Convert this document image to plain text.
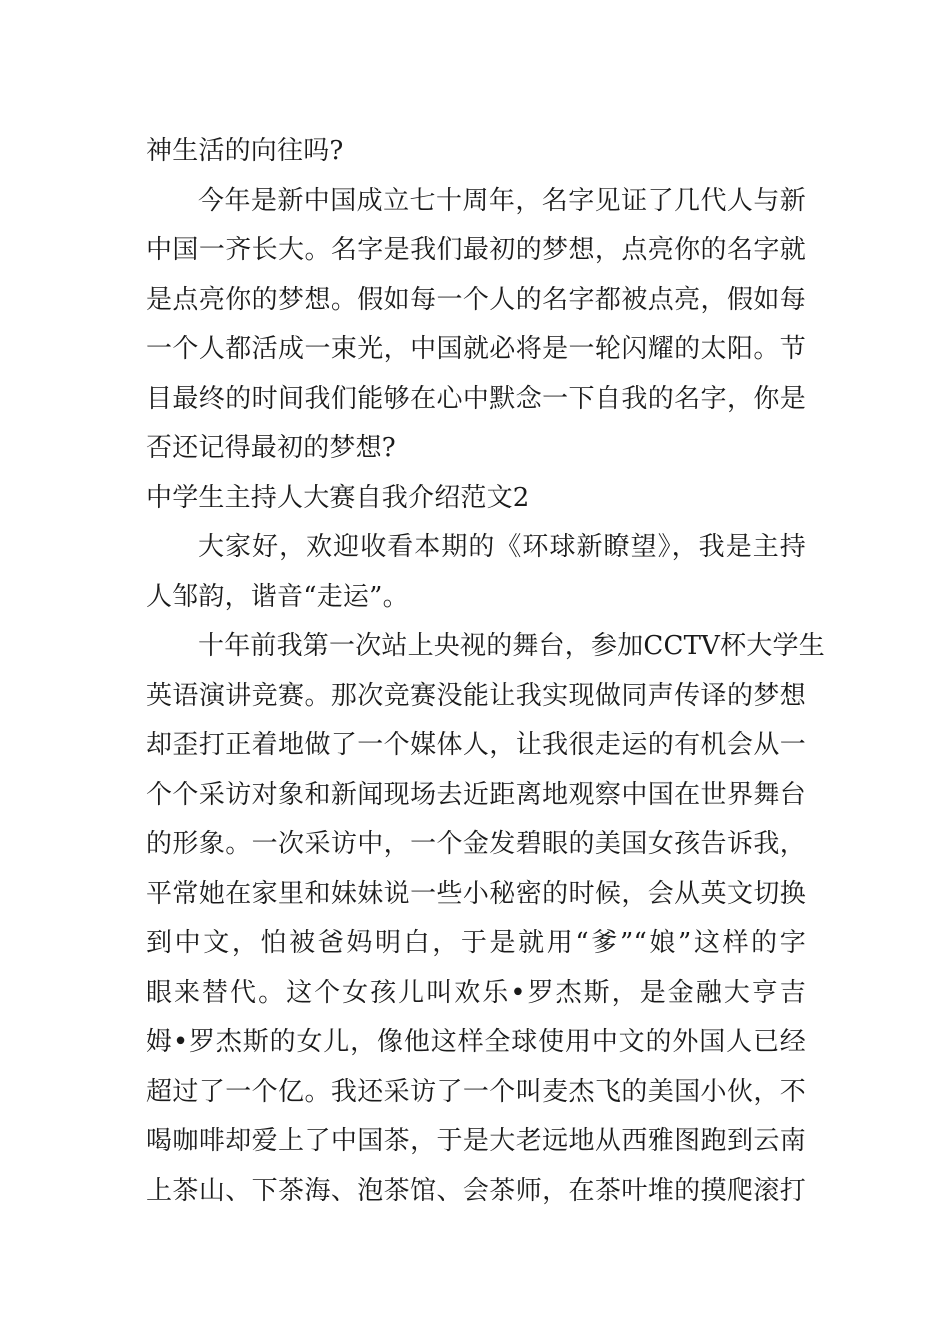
神生活的向往吗?
今年是新中国成立七十周年，名字见证了几代人与新
中国一齐长大。名字是我们最初的梦想，点亮你的名字就
是点亮你的梦想。假如每一个人的名字都被点亮，假如每
一个人都活成一束光，中国就必将是一轮闪耀的太阳。节
目最终的时间我们能够在心中默念一下自我的名字，你是
否还记得最初的梦想?
中学生主持人大赛自我介绍范文2
大家好，欢迎收看本期的《环球新瞭望》，我是主持
人邹韵，谐音“走运”。
十年前我第一次站上央视的舞台，参加CCTV杯大学生
英语演讲竞赛。那次竞赛没能让我实现做同声传译的梦想
却歪打正着地做了一个媒体人，让我很走运的有机会从一
个个采访对象和新闻现场去近距离地观察中国在世界舞台
的形象。一次采访中，一个金发碧眼的美国女孩告诉我，
平常她在家里和妹妹说一些小秘密的时候，会从英文切换
到中文，怕被爸妈明白，于是就用“爹”“娘”这样的字
眼来替代。这个女孩儿叫欢乐•罗杰斯，是金融大亨吉
姆•罗杰斯的女儿，像他这样全球使用中文的外国人已经
超过了一个亿。我还采访了一个叫麦杰飞的美国小伙，不
喝咖啡却爱上了中国茶，于是大老远地从西雅图跑到云南
上茶山、下茶海、泡茶馆、会茶师，在茶叶堆的摸爬滚打
